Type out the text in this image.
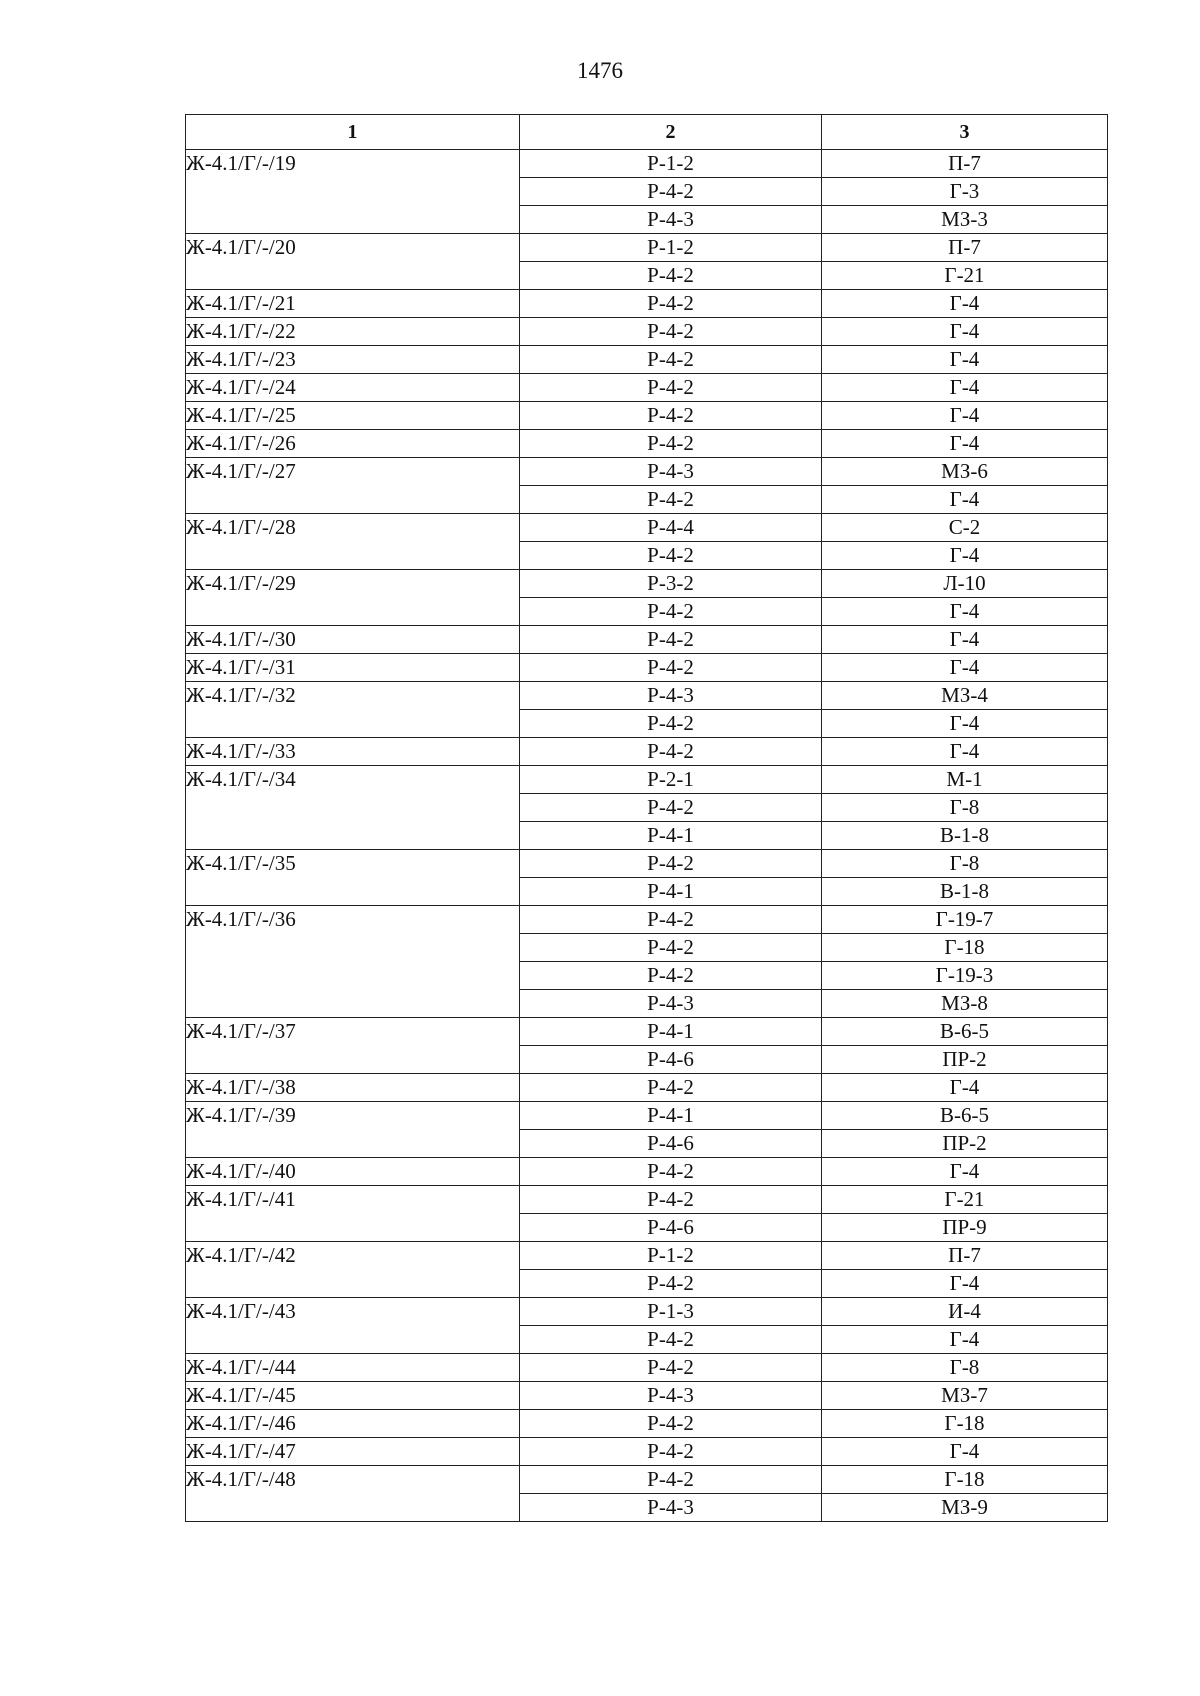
1476
1	2	3
Ж-4.1/Г/-/19	Р-1-2	П-7
	Р-4-2	Г-3
	Р-4-3	МЗ-3
Ж-4.1/Г/-/20	Р-1-2	П-7
	Р-4-2	Г-21
Ж-4.1/Г/-/21	Р-4-2	Г-4
Ж-4.1/Г/-/22	Р-4-2	Г-4
Ж-4.1/Г/-/23	Р-4-2	Г-4
Ж-4.1/Г/-/24	Р-4-2	Г-4
Ж-4.1/Г/-/25	Р-4-2	Г-4
Ж-4.1/Г/-/26	Р-4-2	Г-4
Ж-4.1/Г/-/27	Р-4-3	МЗ-6
	Р-4-2	Г-4
Ж-4.1/Г/-/28	Р-4-4	С-2
	Р-4-2	Г-4
Ж-4.1/Г/-/29	Р-3-2	Л-10
	Р-4-2	Г-4
Ж-4.1/Г/-/30	Р-4-2	Г-4
Ж-4.1/Г/-/31	Р-4-2	Г-4
Ж-4.1/Г/-/32	Р-4-3	МЗ-4
	Р-4-2	Г-4
Ж-4.1/Г/-/33	Р-4-2	Г-4
Ж-4.1/Г/-/34	Р-2-1	М-1
	Р-4-2	Г-8
	Р-4-1	В-1-8
Ж-4.1/Г/-/35	Р-4-2	Г-8
	Р-4-1	В-1-8
Ж-4.1/Г/-/36	Р-4-2	Г-19-7
	Р-4-2	Г-18
	Р-4-2	Г-19-3
	Р-4-3	МЗ-8
Ж-4.1/Г/-/37	Р-4-1	В-6-5
	Р-4-6	ПР-2
Ж-4.1/Г/-/38	Р-4-2	Г-4
Ж-4.1/Г/-/39	Р-4-1	В-6-5
	Р-4-6	ПР-2
Ж-4.1/Г/-/40	Р-4-2	Г-4
Ж-4.1/Г/-/41	Р-4-2	Г-21
	Р-4-6	ПР-9
Ж-4.1/Г/-/42	Р-1-2	П-7
	Р-4-2	Г-4
Ж-4.1/Г/-/43	Р-1-3	И-4
	Р-4-2	Г-4
Ж-4.1/Г/-/44	Р-4-2	Г-8
Ж-4.1/Г/-/45	Р-4-3	МЗ-7
Ж-4.1/Г/-/46	Р-4-2	Г-18
Ж-4.1/Г/-/47	Р-4-2	Г-4
Ж-4.1/Г/-/48	Р-4-2	Г-18
	Р-4-3	МЗ-9
